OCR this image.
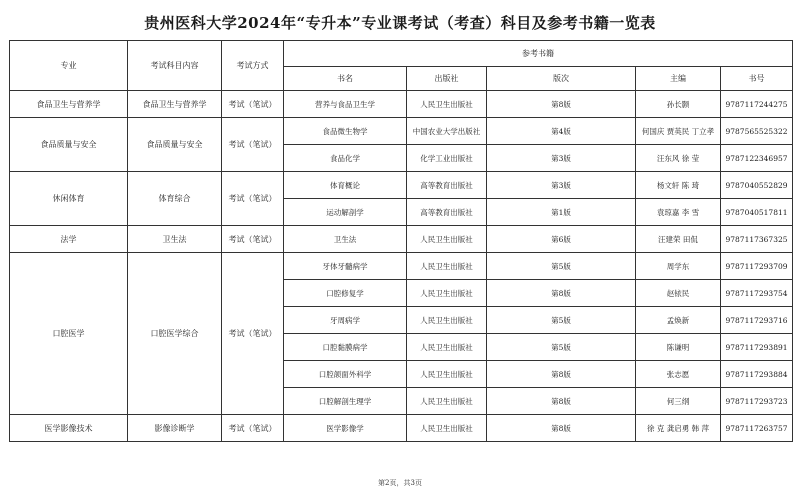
贵州医科大学2024年“专升本”专业课考试（考查）科目及参考书籍一览表
专业	考试科目内容	考试方式	参考书籍				
			书名	出版社	版次	主编	书号
食品卫生与营养学	食品卫生与营养学	考试（笔试）	营养与食品卫生学	人民卫生出版社	第8版	孙长颢	9787117244275
食品质量与安全	食品质量与安全	考试（笔试）	食品微生物学	中国农业大学出版社	第4版	何国庆 贾英民 丁立孝	9787565525322
			食品化学	化学工业出版社	第3版	汪东风 徐 莹	9787122346957
休闲体育	体育综合	考试（笔试）	体育概论	高等教育出版社	第3版	杨文轩 陈 琦	9787040552829
			运动解剖学	高等教育出版社	第1版	袁琼嘉 李 雪	9787040517811
法学	卫生法	考试（笔试）	卫生法	人民卫生出版社	第6版	汪建荣 田侃	9787117367325
口腔医学	口腔医学综合	考试（笔试）	牙体牙髓病学	人民卫生出版社	第5版	周学东	9787117293709
			口腔修复学	人民卫生出版社	第8版	赵铱民	9787117293754
			牙周病学	人民卫生出版社	第5版	孟焕新	9787117293716
			口腔黏膜病学	人民卫生出版社	第5版	陈谦明	9787117293891
			口腔颌面外科学	人民卫生出版社	第8版	张志愿	9787117293884
			口腔解剖生理学	人民卫生出版社	第8版	何三纲	9787117293723
医学影像技术	影像诊断学	考试（笔试）	医学影像学	人民卫生出版社	第8版	徐 克 龚启勇 韩 萍	9787117263757
第2页，共3页
